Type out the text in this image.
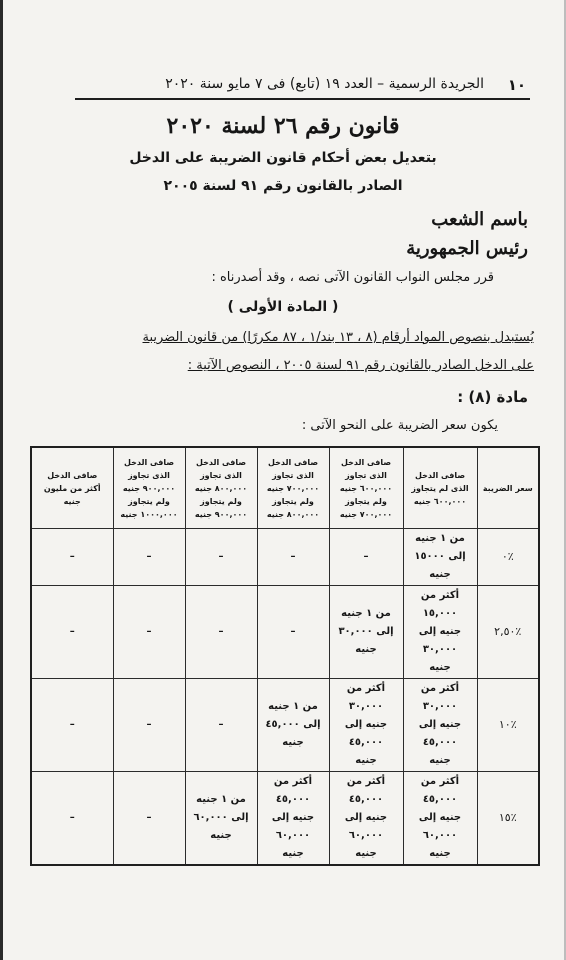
١٠
الجريدة الرسمية – العدد ١٩ (تابع) فى ٧ مايو سنة ٢٠٢٠
قانون رقم ٢٦ لسنة ٢٠٢٠
بتعديل بعض أحكام قانون الضريبة على الدخل
الصادر بالقانون رقم ٩١ لسنة ٢٠٠٥
باسم الشعب
رئيس الجمهورية
قرر مجلس النواب القانون الآتى نصه ، وقد أصدرناه :
( المادة الأولى )
يُستبدل بنصوص المواد أرقام (٨ ، ١٣ بند/١ ، ٨٧ مكررًا) من قانون الضريبة
على الدخل الصادر بالقانون رقم ٩١ لسنة ٢٠٠٥ ، النصوص الآتية :
مادة (٨) :
يكون سعر الضريبة على النحو الآتى :
سعر الضريبة	صافى الدخل
الذى لم يتجاوز
٦٠٠,٠٠٠ جنيه	صافى الدخل
الذى تجاوز
٦٠٠,٠٠٠ جنيه
ولم يتجاوز
٧٠٠,٠٠٠ جنيه	صافى الدخل
الذى تجاوز
٧٠٠,٠٠٠ جنيه
ولم يتجاوز
٨٠٠,٠٠٠ جنيه	صافى الدخل
الذى تجاوز
٨٠٠,٠٠٠ جنيه
ولم يتجاوز
٩٠٠,٠٠٠ جنيه	صافى الدخل
الذى تجاوز
٩٠٠,٠٠٠ جنيه
ولم يتجاوز
١٠٠٠,٠٠٠ جنيه	صافى الدخل
أكثر من مليون
جنيه
٪٠	من ١ جنيه
إلى ١٥٠٠٠
جنيه	–	–	–	–	–
٪٢,٥٠	أكثر من
١٥,٠٠٠
جنيه إلى
٣٠,٠٠٠
جنيه	من ١ جنيه
إلى ٣٠,٠٠٠
جنيه	–	–	–	–
٪١٠	أكثر من
٣٠,٠٠٠
جنيه إلى
٤٥,٠٠٠
جنيه	أكثر من
٣٠,٠٠٠
جنيه إلى
٤٥,٠٠٠
جنيه	من ١ جنيه
إلى ٤٥,٠٠٠
جنيه	–	–	–
٪١٥	أكثر من
٤٥,٠٠٠
جنيه إلى
٦٠,٠٠٠
جنيه	أكثر من
٤٥,٠٠٠
جنيه إلى
٦٠,٠٠٠
جنيه	أكثر من
٤٥,٠٠٠
جنيه إلى
٦٠,٠٠٠
جنيه	من ١ جنيه
إلى ٦٠,٠٠٠
جنيه	–	–
